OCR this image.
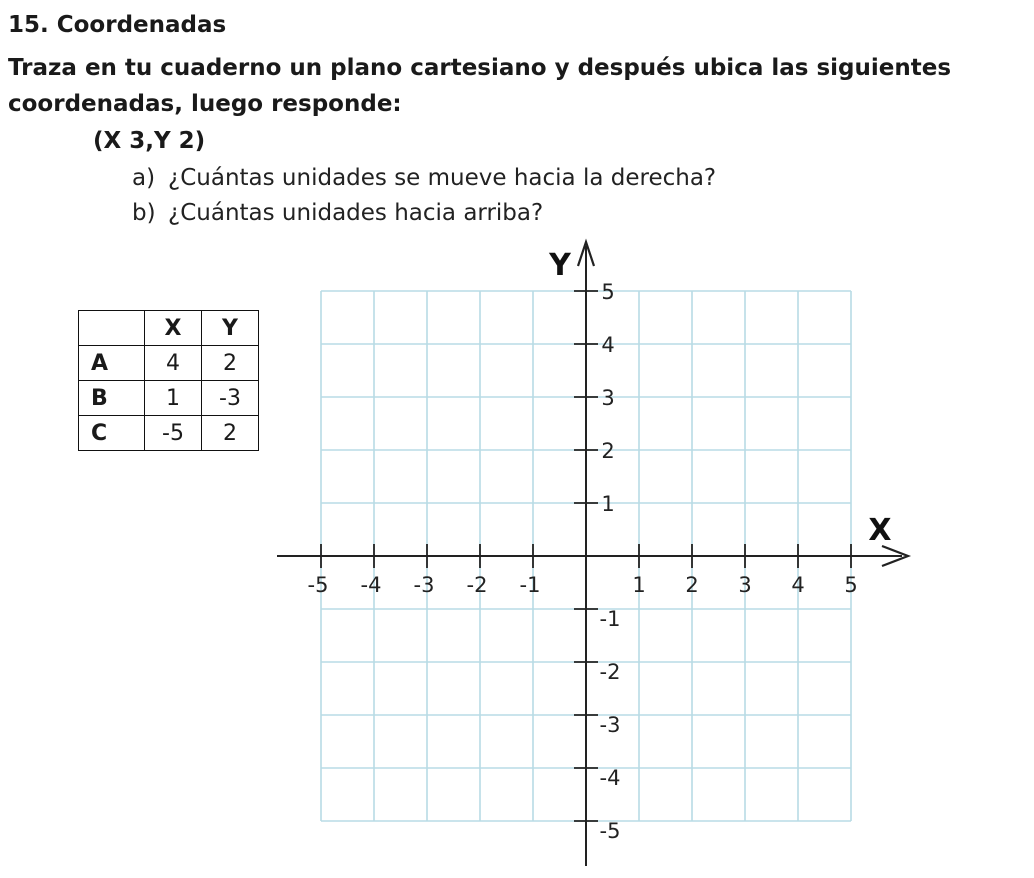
15. Coordenadas
Traza en tu cuaderno un plano cartesiano y después ubica las siguientes coordenadas, luego responde:
(X 3,Y 2)
a) ¿Cuántas unidades se mueve hacia la derecha?
b) ¿Cuántas unidades hacia arriba?
	X	Y
A	4	2
B	1	-3
C	-5	2
X
Y
-5 -4 -3 -2 -1	1 2 3 4 5
5
4
3
2
1
-1
-2
-3
-4
-5
